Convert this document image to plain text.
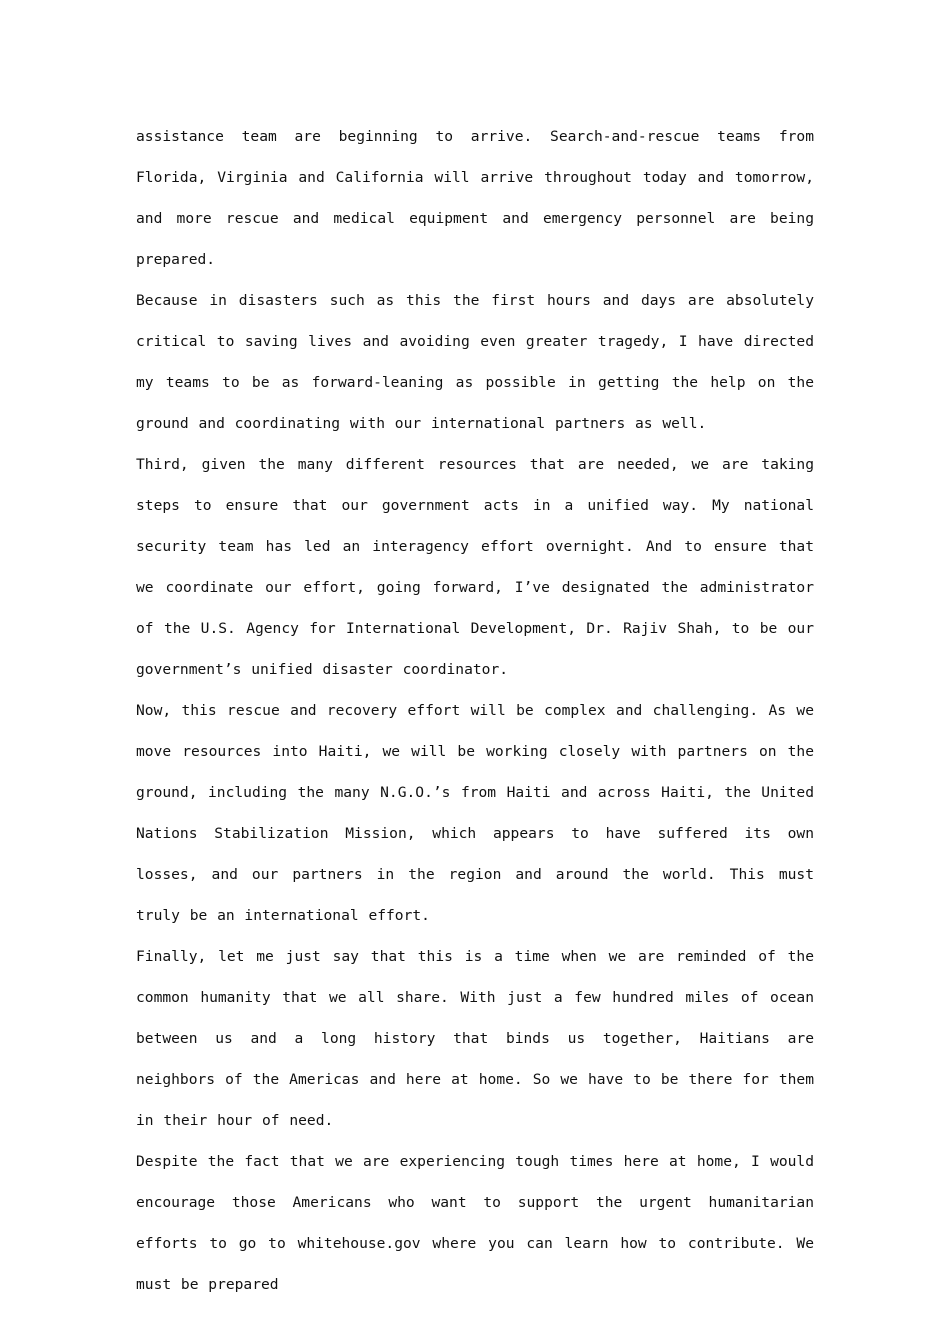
assistance team are beginning to arrive. Search-and-rescue teams from Florida, Virginia and California will arrive throughout today and tomorrow, and more rescue and medical equipment and emergency personnel are being prepared.

Because in disasters such as this the first hours and days are absolutely critical to saving lives and avoiding even greater tragedy, I have directed my teams to be as forward-leaning as possible in getting the help on the ground and coordinating with our international partners as well.

Third, given the many different resources that are needed, we are taking steps to ensure that our government acts in a unified way. My national security team has led an interagency effort overnight. And to ensure that we coordinate our effort, going forward, I’ve designated the administrator of the U.S. Agency for International Development, Dr. Rajiv Shah, to be our government’s unified disaster coordinator.

Now, this rescue and recovery effort will be complex and challenging. As we move resources into Haiti, we will be working closely with partners on the ground, including the many N.G.O.’s from Haiti and across Haiti, the United Nations Stabilization Mission, which appears to have suffered its own losses, and our partners in the region and around the world. This must truly be an international effort.

Finally, let me just say that this is a time when we are reminded of the common humanity that we all share. With just a few hundred miles of ocean between us and a long history that binds us together, Haitians are neighbors of the Americas and here at home. So we have to be there for them in their hour of need.

Despite the fact that we are experiencing tough times here at home, I would encourage those Americans who want to support the urgent humanitarian efforts to go to whitehouse.gov where you can learn how to contribute. We must be prepared
